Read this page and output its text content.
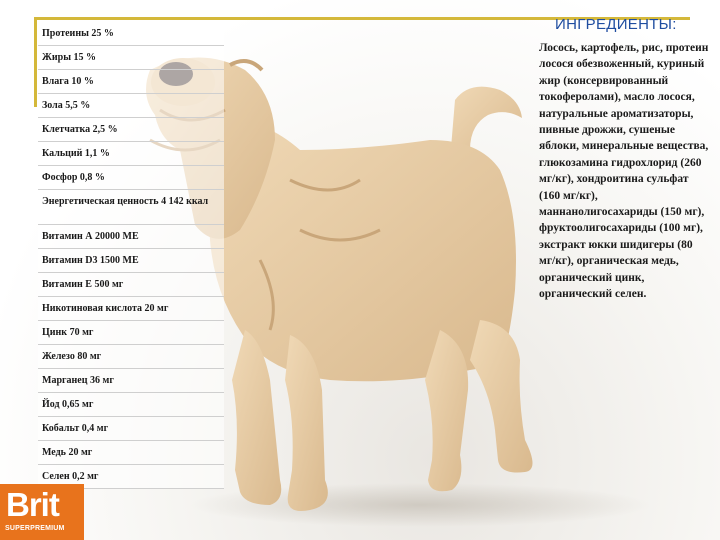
Протеины 25 %
Жиры 15 %
Влага 10 %
Зола 5,5 %
Клетчатка 2,5 %
Кальций 1,1 %
Фосфор 0,8 %
Энергетическая ценность 4 142 ккал
Витамин А 20000 МЕ
Витамин D3 1500 МЕ
Витамин Е 500 мг
Никотиновая кислота 20 мг
Цинк 70 мг
Железо 80 мг
Марганец 36 мг
Йод 0,65 мг
Кобальт 0,4 мг
Медь 20 мг
Селен 0,2 мг
ИНГРЕДИЕНТЫ:
Лосось, картофель, рис, протеин лосося обезвоженный, куриный жир (консервированный токоферолами), масло лосося, натуральные ароматизаторы, пивные дрожжи, сушеные яблоки, минеральные вещества, глюкозамина гидрохлорид (260 мг/кг), хондроитина сульфат (160 мг/кг), маннанолигосахариды (150 мг), фруктоолигосахариды (100 мг), экстракт юкки шидигеры (80 мг/кг), органическая медь, органический цинк, органический селен.
Brit
SUPERPREMIUM
